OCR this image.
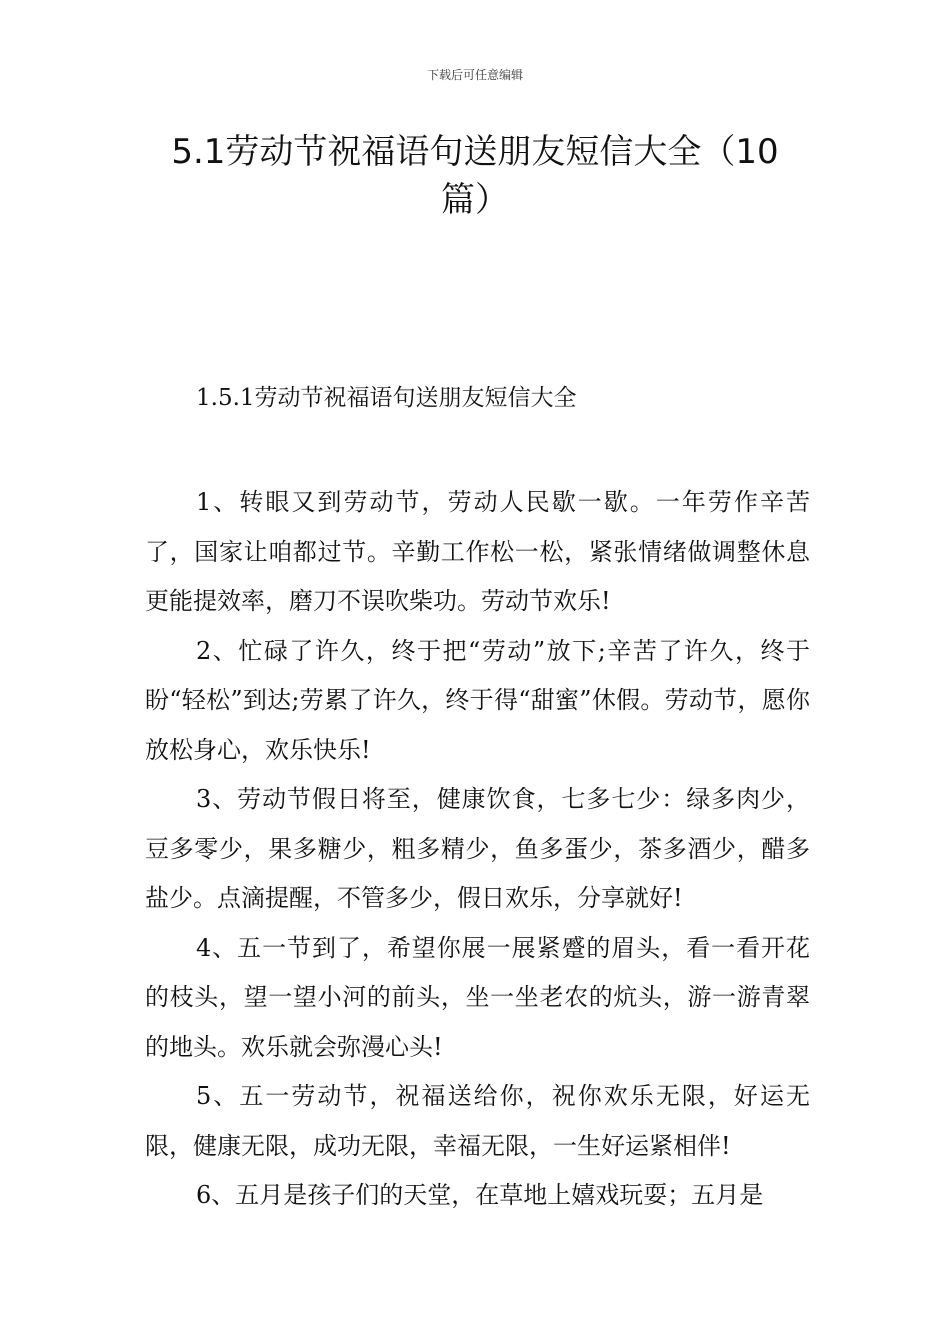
下载后可任意编辑
5.1劳动节祝福语句送朋友短信大全（10篇）
1.5.1劳动节祝福语句送朋友短信大全

1、转眼又到劳动节，劳动人民歇一歇。一年劳作辛苦了，国家让咱都过节。辛勤工作松一松，紧张情绪做调整休息更能提效率，磨刀不误吹柴功。劳动节欢乐!

2、忙碌了许久，终于把“劳动”放下;辛苦了许久，终于盼“轻松”到达;劳累了许久，终于得“甜蜜”休假。劳动节，愿你放松身心，欢乐快乐!

3、劳动节假日将至，健康饮食，七多七少：绿多肉少，豆多零少，果多糖少，粗多精少，鱼多蛋少，茶多酒少，醋多盐少。点滴提醒，不管多少，假日欢乐，分享就好!

4、五一节到了，希望你展一展紧蹙的眉头，看一看开花的枝头，望一望小河的前头，坐一坐老农的炕头，游一游青翠的地头。欢乐就会弥漫心头!

5、五一劳动节，祝福送给你，祝你欢乐无限，好运无限，健康无限，成功无限，幸福无限，一生好运紧相伴!

6、五月是孩子们的天堂，在草地上嬉戏玩耍；五月是
